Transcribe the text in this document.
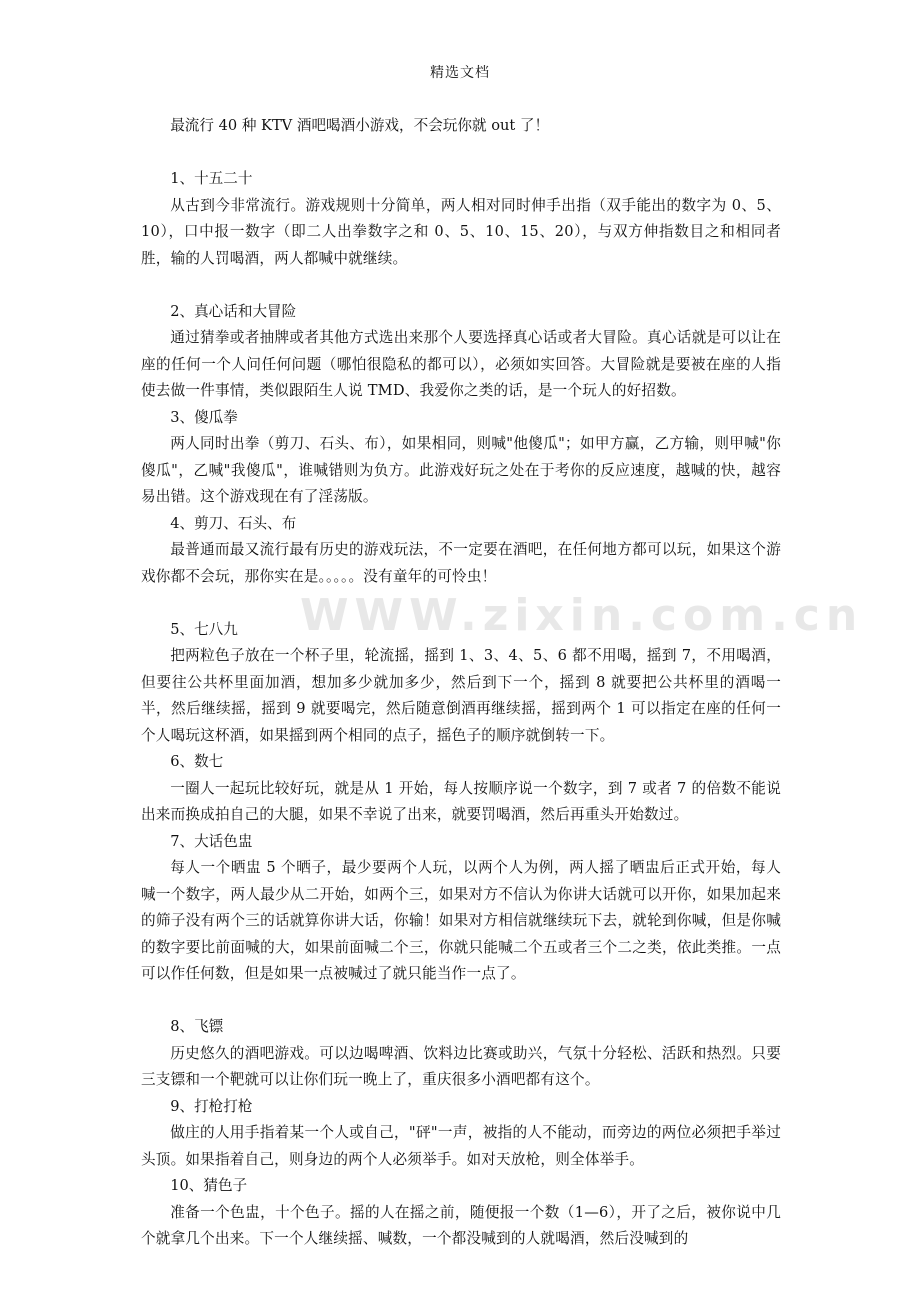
精选文档
WWW.zixin.com.cn

最流行 40 种 KTV 酒吧喝酒小游戏，不会玩你就 out 了！

1、十五二十

从古到今非常流行。游戏规则十分简单，两人相对同时伸手出指（双手能出的数字为 0、5、10），口中报一数字（即二人出拳数字之和 0、5、10、15、20），与双方伸指数目之和相同者胜，输的人罚喝酒，两人都喊中就继续。

2、真心话和大冒险

通过猜拳或者抽牌或者其他方式选出来那个人要选择真心话或者大冒险。真心话就是可以让在座的任何一个人问任何问题（哪怕很隐私的都可以），必须如实回答。大冒险就是要被在座的人指使去做一件事情，类似跟陌生人说 TMD、我爱你之类的话，是一个玩人的好招数。

3、傻瓜拳

两人同时出拳（剪刀、石头、布），如果相同，则喊"他傻瓜"；如甲方赢，乙方输，则甲喊"你傻瓜"，乙喊"我傻瓜"，谁喊错则为负方。此游戏好玩之处在于考你的反应速度，越喊的快，越容易出错。这个游戏现在有了淫荡版。

4、剪刀、石头、布

最普通而最又流行最有历史的游戏玩法，不一定要在酒吧，在任何地方都可以玩，如果这个游戏你都不会玩，那你实在是。。。。。没有童年的可怜虫！

5、七八九

把两粒色子放在一个杯子里，轮流摇，摇到 1、3、4、5、6 都不用喝，摇到 7，不用喝酒，但要往公共杯里面加酒，想加多少就加多少，然后到下一个，摇到 8 就要把公共杯里的酒喝一半，然后继续摇，摇到 9 就要喝完，然后随意倒酒再继续摇，摇到两个 1 可以指定在座的任何一个人喝玩这杯酒，如果摇到两个相同的点子，摇色子的顺序就倒转一下。

6、数七

一圈人一起玩比较好玩，就是从 1 开始，每人按顺序说一个数字，到 7 或者 7 的倍数不能说出来而换成拍自己的大腿，如果不幸说了出来，就要罚喝酒，然后再重头开始数过。

7、大话色盅

每人一个晒盅 5 个晒子，最少要两个人玩，以两个人为例，两人摇了晒盅后正式开始，每人喊一个数字，两人最少从二开始，如两个三，如果对方不信认为你讲大话就可以开你，如果加起来的筛子没有两个三的话就算你讲大话，你输！如果对方相信就继续玩下去，就轮到你喊，但是你喊的数字要比前面喊的大，如果前面喊二个三，你就只能喊二个五或者三个二之类，依此类推。一点可以作任何数，但是如果一点被喊过了就只能当作一点了。

8、飞镖

历史悠久的酒吧游戏。可以边喝啤酒、饮料边比赛或助兴，气氛十分轻松、活跃和热烈。只要三支镖和一个靶就可以让你们玩一晚上了，重庆很多小酒吧都有这个。

9、打枪打枪

做庄的人用手指着某一个人或自己，"砰"一声，被指的人不能动，而旁边的两位必须把手举过头顶。如果指着自己，则身边的两个人必须举手。如对天放枪，则全体举手。

10、猜色子

准备一个色盅，十个色子。摇的人在摇之前，随便报一个数（1—6），开了之后，被你说中几个就拿几个出来。下一个人继续摇、喊数，一个都没喊到的人就喝酒，然后没喊到的
